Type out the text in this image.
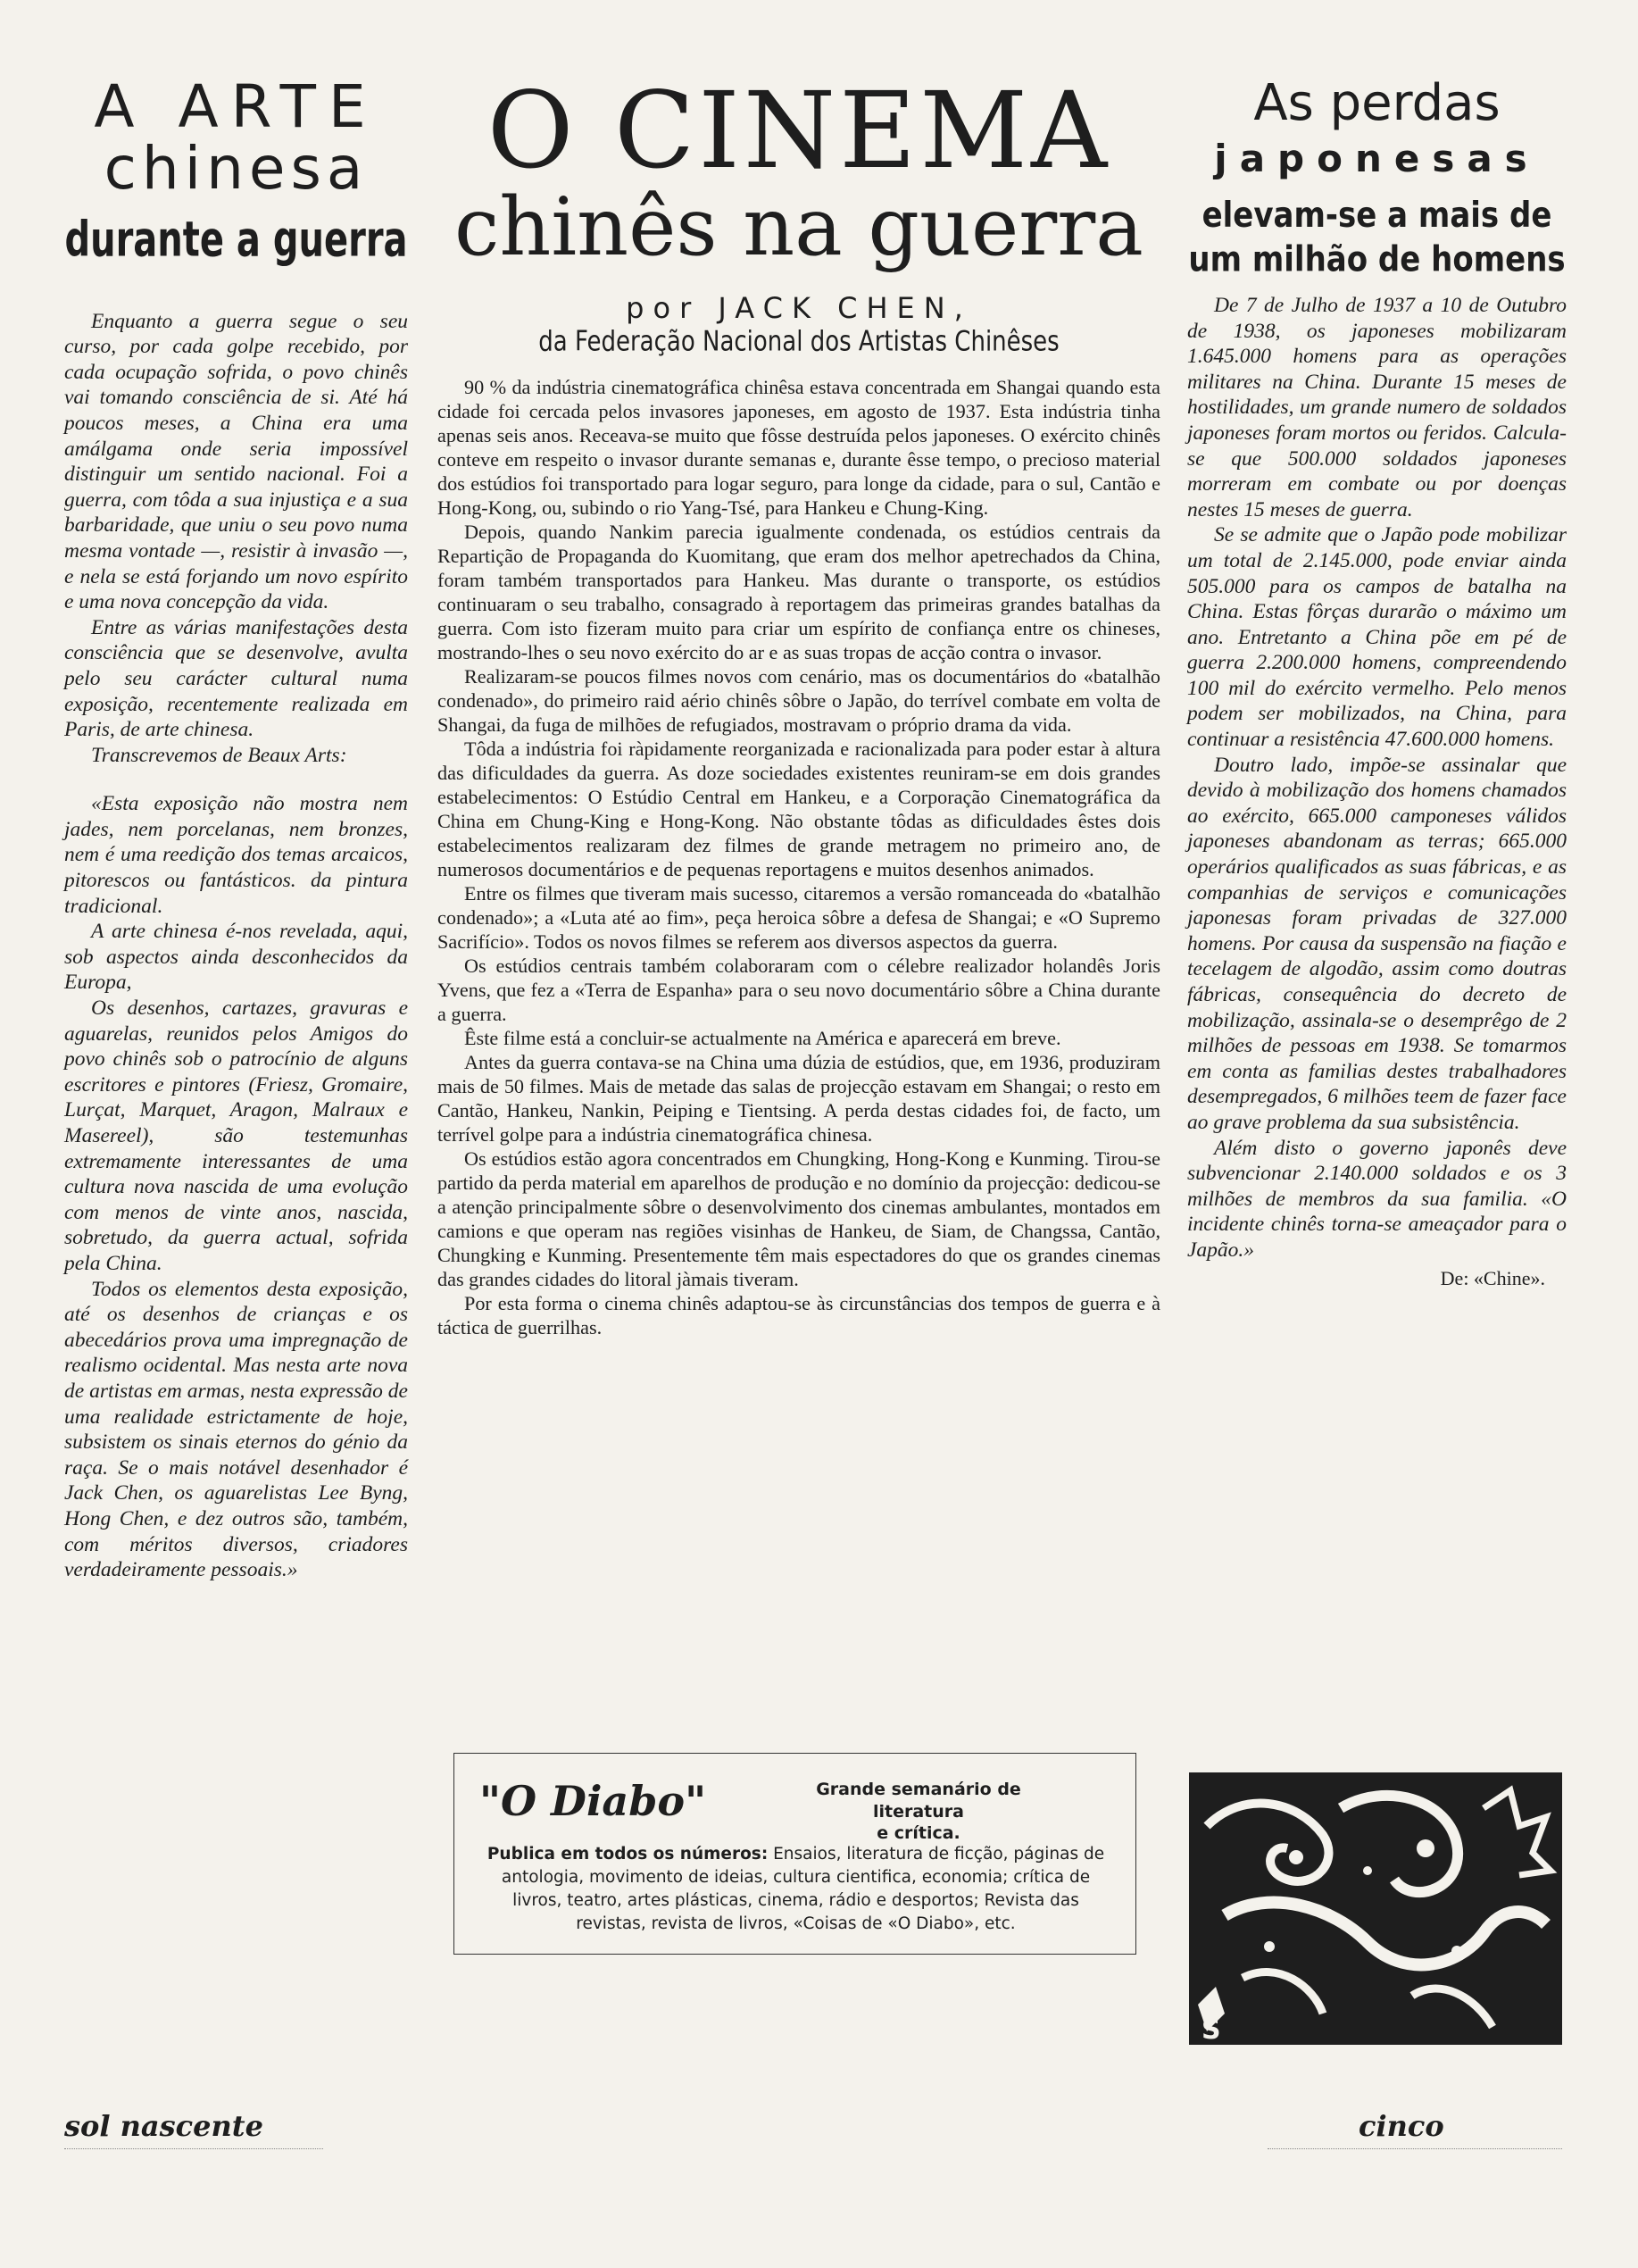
A ARTE
chinesa
durante a guerra

Enquanto a guerra segue o seu curso, por cada golpe recebido, por cada ocupação sofrida, o povo chinês vai tomando consciência de si. Até há poucos meses, a China era uma amálgama onde seria impossível distinguir um sentido nacional. Foi a guerra, com tôda a sua injustiça e a sua barbaridade, que uniu o seu povo numa mesma vontade —, resistir à invasão —, e nela se está forjando um novo espírito e uma nova concepção da vida.

Entre as várias manifestações desta consciência que se desenvolve, avulta pelo seu carácter cultural numa exposição, recentemente realizada em Paris, de arte chinesa.

Transcrevemos de Beaux Arts:

«Esta exposição não mostra nem jades, nem porcelanas, nem bronzes, nem é uma reedição dos temas arcaicos, pitorescos ou fantásticos. da pintura tradicional.

A arte chinesa é-nos revelada, aqui, sob aspectos ainda desconhecidos da Europa,

Os desenhos, cartazes, gravuras e aguarelas, reunidos pelos Amigos do povo chinês sob o patrocínio de alguns escritores e pintores (Friesz, Gromaire, Lurçat, Marquet, Aragon, Malraux e Masereel), são testemunhas extremamente interessantes de uma cultura nova nascida de uma evolução com menos de vinte anos, nascida, sobretudo, da guerra actual, sofrida pela China.

Todos os elementos desta exposição, até os desenhos de crianças e os abecedários prova uma impregnação de realismo ocidental. Mas nesta arte nova de artistas em armas, nesta expressão de uma realidade estrictamente de hoje, subsistem os sinais eternos do génio da raça. Se o mais notável desenhador é Jack Chen, os aguarelistas Lee Byng, Hong Chen, e dez outros são, também, com méritos diversos, criadores verdadeiramente pessoais.»

O CINEMA
chinês na guerra
por JACK CHEN,
da Federação Nacional dos Artistas Chinêses

90 % da indústria cinematográfica chinêsa estava concentrada em Shangai quando esta cidade foi cercada pelos invasores japoneses, em agosto de 1937. Esta indústria tinha apenas seis anos. Receava-se muito que fôsse destruída pelos japoneses. O exército chinês conteve em respeito o invasor durante semanas e, durante êsse tempo, o precioso material dos estúdios foi transportado para logar seguro, para longe da cidade, para o sul, Cantão e Hong-Kong, ou, subindo o rio Yang-Tsé, para Hankeu e Chung-King.

Depois, quando Nankim parecia igualmente condenada, os estúdios centrais da Repartição de Propaganda do Kuomitang, que eram dos melhor apetrechados da China, foram também transportados para Hankeu. Mas durante o transporte, os estúdios continuaram o seu trabalho, consagrado à reportagem das primeiras grandes batalhas da guerra. Com isto fizeram muito para criar um espírito de confiança entre os chineses, mostrando-lhes o seu novo exército do ar e as suas tropas de acção contra o invasor.

Realizaram-se poucos filmes novos com cenário, mas os documentários do «batalhão condenado», do primeiro raid aério chinês sôbre o Japão, do terrível combate em volta de Shangai, da fuga de milhões de refugiados, mostravam o próprio drama da vida.

Tôda a indústria foi ràpidamente reorganizada e racionalizada para poder estar à altura das dificuldades da guerra. As doze sociedades existentes reuniram-se em dois grandes estabelecimentos: O Estúdio Central em Hankeu, e a Corporação Cinematográfica da China em Chung-King e Hong-Kong. Não obstante tôdas as dificuldades êstes dois estabelecimentos realizaram dez filmes de grande metragem no primeiro ano, de numerosos documentários e de pequenas reportagens e muitos desenhos animados.

Entre os filmes que tiveram mais sucesso, citaremos a versão romanceada do «batalhão condenado»; a «Luta até ao fim», peça heroica sôbre a defesa de Shangai; e «O Supremo Sacrifício». Todos os novos filmes se referem aos diversos aspectos da guerra.

Os estúdios centrais também colaboraram com o célebre realizador holandês Joris Yvens, que fez a «Terra de Espanha» para o seu novo documentário sôbre a China durante a guerra.

Êste filme está a concluir-se actualmente na América e aparecerá em breve.

Antes da guerra contava-se na China uma dúzia de estúdios, que, em 1936, produziram mais de 50 filmes. Mais de metade das salas de projecção estavam em Shangai; o resto em Cantão, Hankeu, Nankin, Peiping e Tientsing. A perda destas cidades foi, de facto, um terrível golpe para a indústria cinematográfica chinesa.

Os estúdios estão agora concentrados em Chungking, Hong-Kong e Kunming. Tirou-se partido da perda material em aparelhos de produção e no domínio da projecção: dedicou-se a atenção principalmente sôbre o desenvolvimento dos cinemas ambulantes, montados em camions e que operam nas regiões visinhas de Hankeu, de Siam, de Changssa, Cantão, Chungking e Kunming. Presentemente têm mais espectadores do que os grandes cinemas das grandes cidades do litoral jàmais tiveram.

Por esta forma o cinema chinês adaptou-se às circunstâncias dos tempos de guerra e à táctica de guerrilhas.

As perdas
japonesas
elevam-se a mais de um milhão de homens

De 7 de Julho de 1937 a 10 de Outubro de 1938, os japoneses mobilizaram 1.645.000 homens para as operações militares na China. Durante 15 meses de hostilidades, um grande numero de soldados japoneses foram mortos ou feridos. Calcula-se que 500.000 soldados japoneses morreram em combate ou por doenças nestes 15 meses de guerra.

Se se admite que o Japão pode mobilizar um total de 2.145.000, pode enviar ainda 505.000 para os campos de batalha na China. Estas fôrças durarão o máximo um ano. Entretanto a China põe em pé de guerra 2.200.000 homens, compreendendo 100 mil do exército vermelho. Pelo menos podem ser mobilizados, na China, para continuar a resistência 47.600.000 homens.

Doutro lado, impõe-se assinalar que devido à mobilização dos homens chamados ao exército, 665.000 camponeses válidos japoneses abandonam as terras; 665.000 operários qualificados as suas fábricas, e as companhias de serviços e comunicações japonesas foram privadas de 327.000 homens. Por causa da suspensão na fiação e tecelagem de algodão, assim como doutras fábricas, consequência do decreto de mobilização, assinala-se o desemprêgo de 2 milhões de pessoas em 1938. Se tomarmos em conta as familias destes trabalhadores desempregados, 6 milhões teem de fazer face ao grave problema da sua subsistência.

Além disto o governo japonês deve subvencionar 2.140.000 soldados e os 3 milhões de membros da sua familia. «O incidente chinês torna-se ameaçador para o Japão.»

De: «Chine».
"O Diabo"	Grande semanário de literatura
e crítica.
Publica em todos os números: Ensaios, literatura de ficção, páginas de antologia, movimento de ideias, cultura cientifica, economia; crítica de livros, teatro, artes plásticas, cinema, rádio e desportos; Revista das revistas, revista de livros, «Coisas de «O Diabo», etc.
S
sol nascente	cinco
